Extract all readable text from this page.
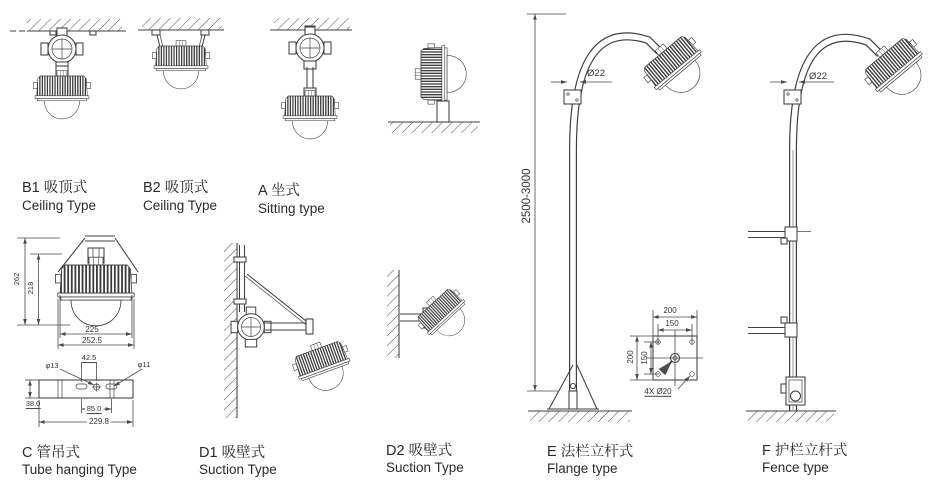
B1 吸顶式
Ceiling Type
B2 吸顶式
Ceiling Type
A 坐式
Sitting type
C 管吊式
Tube hanging Type
D1 吸壁式
Suction Type
D2 吸壁式
Suction Type
E 法栏立杆式
Flange type
F 护栏立杆式
Fence type
262
218
225
252.5
42.5
φ13	φ11
38.0
85.0
229.8
Ø22
2500-3000
200
150
200 150
4X Ø20
Ø22
